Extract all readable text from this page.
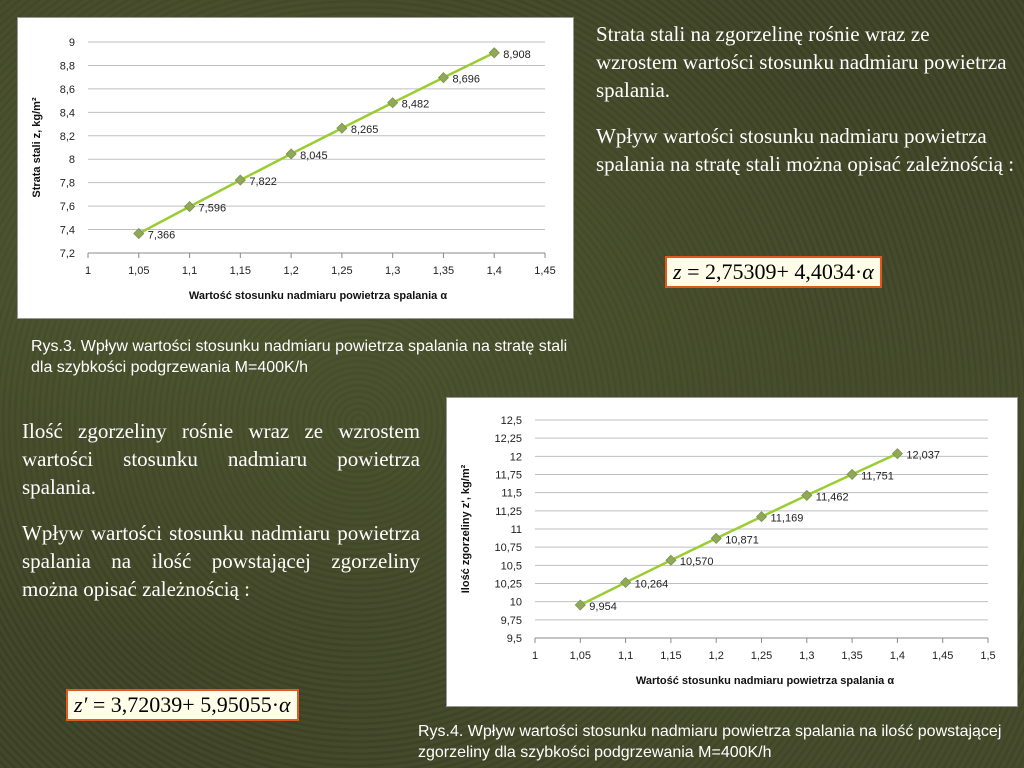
7,2
7,4
7,6
7,8
8
8,2
8,4
8,6
8,8
9
1	1,05	1,1	1,15	1,2	1,25	1,3	1,35	1,4	1,45
Wartość stosunku nadmiaru powietrza spalania α
Strata stali z, kg/m²
7,366
7,596
7,822
8,045
8,265
8,482
8,696
8,908
Rys.3. Wpływ wartości stosunku nadmiaru powietrza spalania na stratę stali dla szybkości podgrzewania M=400K/h

Strata stali na zgorzelinę rośnie wraz ze wzrostem wartości stosunku nadmiaru powietrza spalania.

Wpływ wartości stosunku nadmiaru powietrza spalania na stratę stali można opisać zależnością :

z = 2,75309+ 4,4034·α

Ilość zgorzeliny rośnie wraz ze wzrostem wartości stosunku nadmiaru powietrza spalania.

Wpływ wartości stosunku nadmiaru powietrza spalania na ilość powstającej zgorzeliny można opisać zależnością :

z′ = 3,72039+ 5,95055·α
9,5
9,75
10
10,25
10,5
10,75
11
11,25
11,5
11,75
12
12,25
12,5
1	1,05 1,1 1,15 1,2 1,25 1,3 1,35 1,4 1,45 1,5
Wartość stosunku nadmiaru powietrza spalania α
Ilość zgorzeliny z', kg/m²
9,954
10,264
10,570
10,871
11,169
11,462
11,751
12,037
Rys.4. Wpływ wartości stosunku nadmiaru powietrza spalania na ilość powstającej zgorzeliny dla szybkości podgrzewania M=400K/h
